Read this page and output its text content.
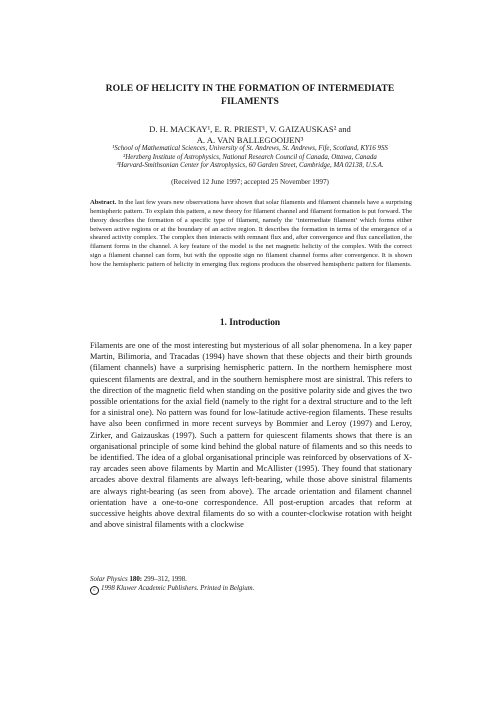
ROLE OF HELICITY IN THE FORMATION OF INTERMEDIATE FILAMENTS
D. H. MACKAY¹, E. R. PRIEST¹, V. GAIZAUSKAS² and
A. A. VAN BALLEGOOIJEN³
¹School of Mathematical Sciences, University of St. Andrews, St. Andrews, Fife, Scotland, KY16 9SS
²Herzberg Institute of Astrophysics, National Research Council of Canada, Ottawa, Canada
³Harvard-Smithsonian Center for Astrophysics, 60 Garden Street, Cambridge, MA 02138, U.S.A.
(Received 12 June 1997; accepted 25 November 1997)
Abstract. In the last few years new observations have shown that solar filaments and filament channels have a surprising hemispheric pattern. To explain this pattern, a new theory for filament channel and filament formation is put forward. The theory describes the formation of a specific type of filament, namely the ‘intermediate filament’ which forms either between active regions or at the boundary of an active region. It describes the formation in terms of the emergence of a sheared activity complex. The complex then interacts with remnant flux and, after convergence and flux cancellation, the filament forms in the channel. A key feature of the model is the net magnetic helicity of the complex. With the correct sign a filament channel can form, but with the opposite sign no filament channel forms after convergence. It is shown how the hemispheric pattern of helicity in emerging flux regions produces the observed hemispheric pattern for filaments.
1. Introduction
Filaments are one of the most interesting but mysterious of all solar phenomena. In a key paper Martin, Bilimoria, and Tracadas (1994) have shown that these objects and their birth grounds (filament channels) have a surprising hemispheric pattern. In the northern hemisphere most quiescent filaments are dextral, and in the southern hemisphere most are sinistral. This refers to the direction of the magnetic field when standing on the positive polarity side and gives the two possible orientations for the axial field (namely to the right for a dextral structure and to the left for a sinistral one). No pattern was found for low-latitude active-region filaments. These results have also been confirmed in more recent surveys by Bommier and Leroy (1997) and Leroy, Zirker, and Gaizauskas (1997). Such a pattern for quiescent filaments shows that there is an organisational principle of some kind behind the global nature of filaments and so this needs to be identified. The idea of a global organisational principle was reinforced by observations of X-ray arcades seen above filaments by Martin and McAllister (1995). They found that stationary arcades above dextral filaments are always left-bearing, while those above sinistral filaments are always right-bearing (as seen from above). The arcade orientation and filament channel orientation have a one-to-one correspondence. All post-eruption arcades that reform at successive heights above dextral filaments do so with a counter-clockwise rotation with height and above sinistral filaments with a clockwise
Solar Physics 180: 299–312, 1998.
c 1998 Kluwer Academic Publishers. Printed in Belgium.
